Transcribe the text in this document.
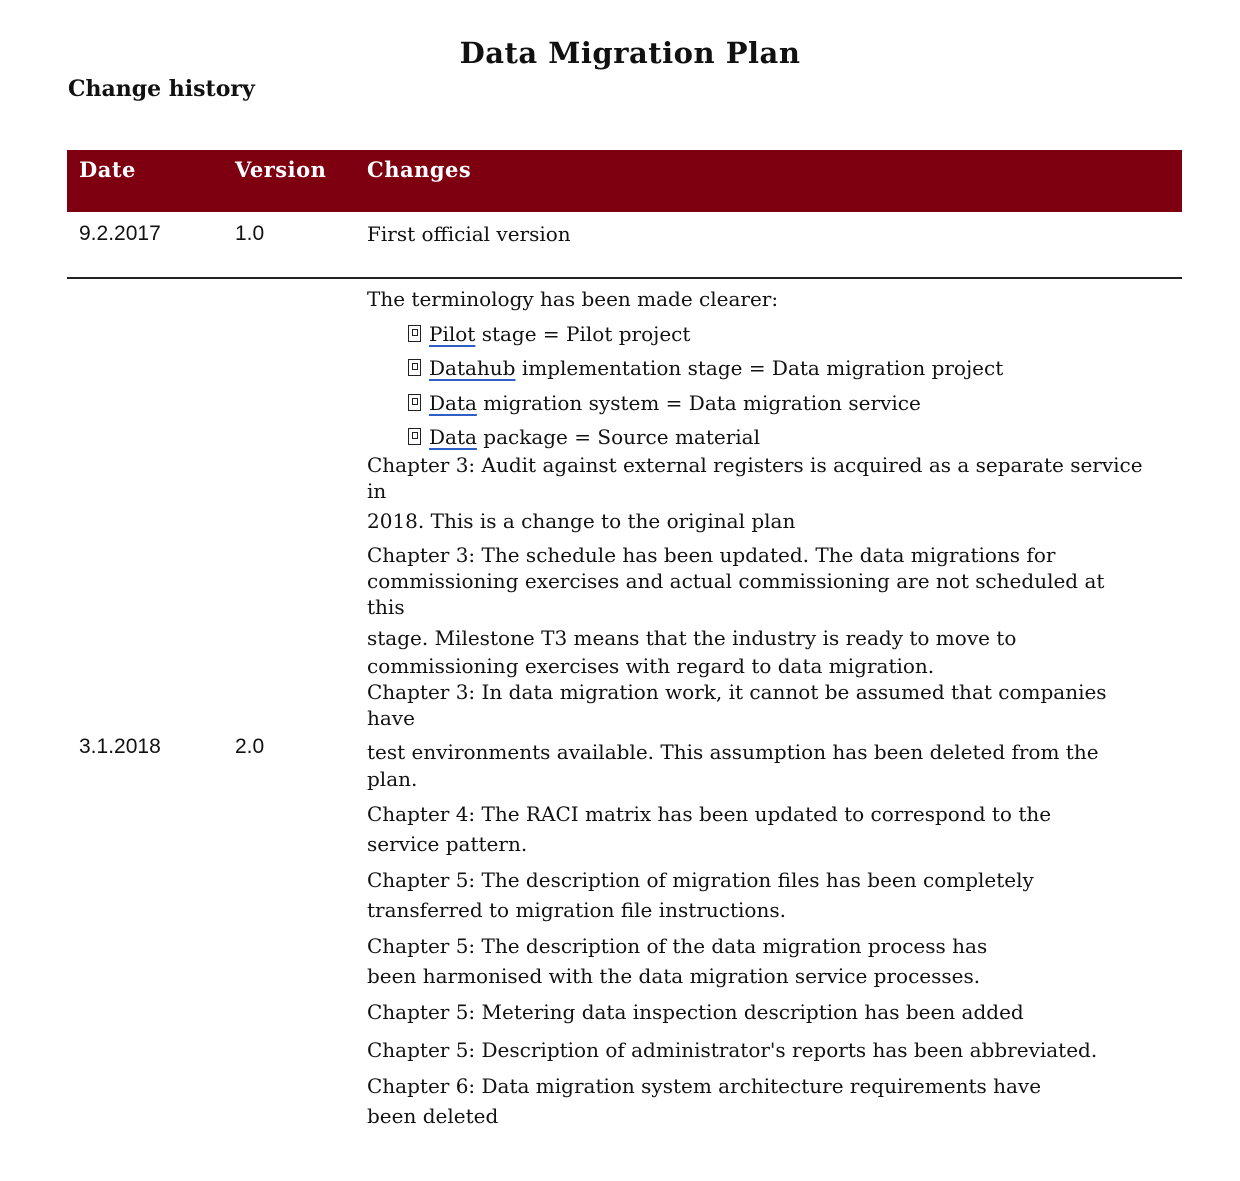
Data Migration Plan
Change history
Date	Version Changes
9.2.2017	1.0	First official version
3.1.2018	2.0
The terminology has been made clearer:
Pilot stage = Pilot project
Datahub implementation stage = Data migration project
Data migration system = Data migration service
Data package = Source material
Chapter 3: Audit against external registers is acquired as a separate service
in
2018. This is a change to the original plan
Chapter 3: The schedule has been updated. The data migrations for
commissioning exercises and actual commissioning are not scheduled at
this
stage. Milestone T3 means that the industry is ready to move to
commissioning exercises with regard to data migration.
Chapter 3: In data migration work, it cannot be assumed that companies
have
test environments available. This assumption has been deleted from the
plan.
Chapter 4: The RACI matrix has been updated to correspond to the
service pattern.
Chapter 5: The description of migration files has been completely
transferred to migration file instructions.
Chapter 5: The description of the data migration process has
been harmonised with the data migration service processes.
Chapter 5: Metering data inspection description has been added
Chapter 5: Description of administrator's reports has been abbreviated.
Chapter 6: Data migration system architecture requirements have
been deleted
